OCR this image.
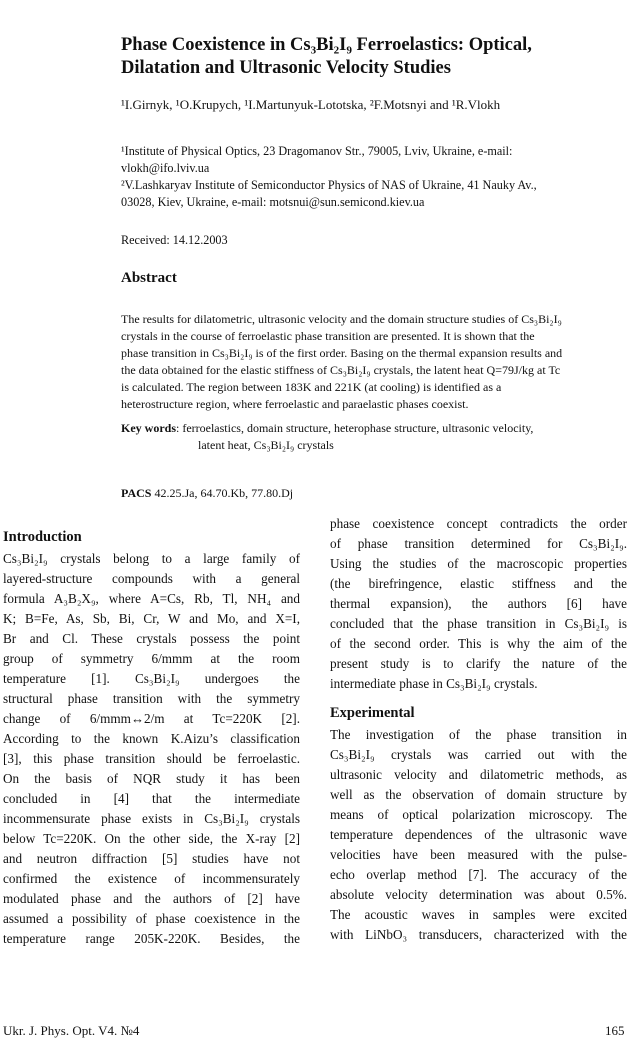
Phase Coexistence in Cs₃Bi₂I₉ Ferroelastics: Optical,
Dilatation and Ultrasonic Velocity Studies
¹I.Girnyk, ¹O.Krupych, ¹I.Martunyuk-Lototska, ²F.Motsnyi and ¹R.Vlokh
¹Institute of Physical Optics, 23 Dragomanov Str., 79005, Lviv, Ukraine, e-mail:
vlokh@ifo.lviv.ua
²V.Lashkaryav Institute of Semiconductor Physics of NAS of Ukraine, 41 Nauky Av.,
03028, Kiev, Ukraine, e-mail: motsnui@sun.semicond.kiev.ua
Received: 14.12.2003
Abstract
The results for dilatometric, ultrasonic velocity and the domain structure studies of Cs₃Bi₂I₉
crystals in the course of ferroelastic phase transition are presented. It is shown that the
phase transition in Cs₃Bi₂I₉ is of the first order. Basing on the thermal expansion results and
the data obtained for the elastic stiffness of Cs₃Bi₂I₉ crystals, the latent heat Q=79J/kg at Tc
is calculated. The region between 183K and 221K (at cooling) is identified as a
heterostructure region, where ferroelastic and paraelastic phases coexist.
Key words: ferroelastics, domain structure, heterophase structure, ultrasonic velocity,
latent heat, Cs₃Bi₂I₉ crystals
PACS 42.25.Ja, 64.70.Kb, 77.80.Dj
Introduction
Cs₃Bi₂I₉ crystals belong to a large family of
layered-structure compounds with a general
formula A₃B₂X₉, where A=Cs, Rb, Tl, NH₄ and
K; B=Fe, As, Sb, Bi, Cr, W and Mo, and X=I,
Br and Cl. These crystals possess the point
group of symmetry 6/mmm at the room
temperature [1]. Cs₃Bi₂I₉ undergoes the
structural phase transition with the symmetry
change of 6/mmm↔2/m at Tc=220K [2].
According to the known K.Aizu’s classification
[3], this phase transition should be ferroelastic.
On the basis of NQR study it has been
concluded in [4] that the intermediate
incommensurate phase exists in Cs₃Bi₂I₉ crystals
below Tc=220K. On the other side, the X-ray [2]
and neutron diffraction [5] studies have not
confirmed the existence of incommensurately
modulated phase and the authors of [2] have
assumed a possibility of phase coexistence in the
temperature range 205K-220K. Besides, the
phase coexistence concept contradicts the order
of phase transition determined for Cs₃Bi₂I₉.
Using the studies of the macroscopic properties
(the birefringence, elastic stiffness and the
thermal expansion), the authors [6] have
concluded that the phase transition in Cs₃Bi₂I₉ is
of the second order. This is why the aim of the
present study is to clarify the nature of the
intermediate phase in Cs₃Bi₂I₉ crystals.
Experimental
The investigation of the phase transition in
Cs₃Bi₂I₉ crystals was carried out with the
ultrasonic velocity and dilatometric methods, as
well as the observation of domain structure by
means of optical polarization microscopy. The
temperature dependences of the ultrasonic wave
velocities have been measured with the pulse-
echo overlap method [7]. The accuracy of the
absolute velocity determination was about 0.5%.
The acoustic waves in samples were excited
with LiNbO₃ transducers, characterized with the
Ukr. J. Phys. Opt. V4. №4	165
